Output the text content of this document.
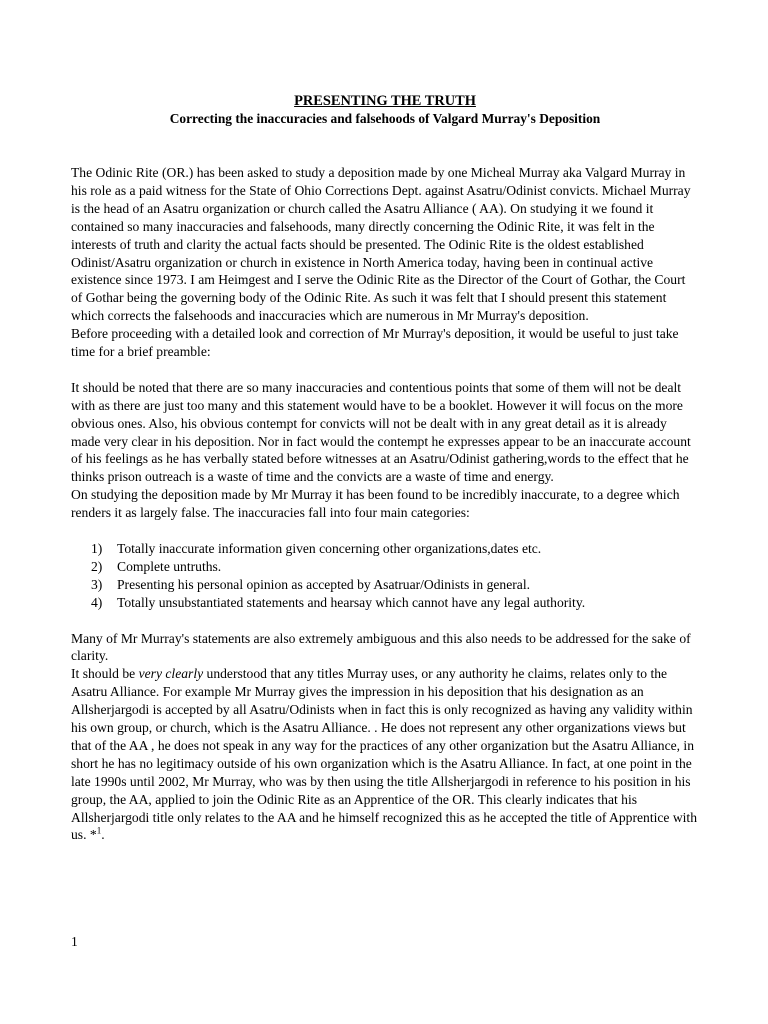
PRESENTING THE TRUTH
Correcting the inaccuracies and falsehoods of Valgard Murray's Deposition

The Odinic Rite (OR.) has been asked to study a deposition made by one Micheal Murray aka Valgard Murray in his role as a paid witness for the State of Ohio Corrections Dept. against Asatru/Odinist convicts. Michael Murray is the head of an Asatru organization or church called the Asatru Alliance ( AA). On studying it we found it contained so many inaccuracies and falsehoods, many directly concerning the Odinic Rite, it was felt in the interests of truth and clarity the actual facts should be presented. The Odinic Rite is the oldest established Odinist/Asatru organization or church in existence in North America today, having been in continual active existence since 1973. I am Heimgest and I serve the Odinic Rite as the Director of the Court of Gothar, the Court of Gothar being the governing body of the Odinic Rite. As such it was felt that I should present this statement which corrects the falsehoods and inaccuracies which are numerous in Mr Murray's deposition.

Before proceeding with a detailed look and correction of Mr Murray's deposition, it would be useful to just take time for a brief preamble:

It should be noted that there are so many inaccuracies and contentious points that some of them will not be dealt with as there are just too many and this statement would have to be a booklet. However it will focus on the more obvious ones. Also, his obvious contempt for convicts will not be dealt with in any great detail as it is already made very clear in his deposition. Nor in fact would the contempt he expresses appear to be an inaccurate account of his feelings as he has verbally stated before witnesses at an Asatru/Odinist gathering,words to the effect that he thinks prison outreach is a waste of time and the convicts are a waste of time and energy.

On studying the deposition made by Mr Murray it has been found to be incredibly inaccurate, to a degree which renders it as largely false. The inaccuracies fall into four main categories:

1) Totally inaccurate information given concerning other organizations,dates etc.
2) Complete untruths.
3) Presenting his personal opinion as accepted by Asatruar/Odinists in general.
4) Totally unsubstantiated statements and hearsay which cannot have any legal authority.

Many of Mr Murray's statements are also extremely ambiguous and this also needs to be addressed for the sake of clarity.

It should be very clearly understood that any titles Murray uses, or any authority he claims, relates only to the Asatru Alliance. For example Mr Murray gives the impression in his deposition that his designation as an Allsherjargodi is accepted by all Asatru/Odinists when in fact this is only recognized as having any validity within his own group, or church, which is the Asatru Alliance. . He does not represent any other organizations views but that of the AA , he does not speak in any way for the practices of any other organization but the Asatru Alliance, in short he has no legitimacy outside of his own organization which is the Asatru Alliance. In fact, at one point in the late 1990s until 2002, Mr Murray, who was by then using the title Allsherjargodi in reference to his position in his group, the AA, applied to join the Odinic Rite as an Apprentice of the OR. This clearly indicates that his Allsherjargodi title only relates to the AA and he himself recognized this as he accepted the title of Apprentice with us. *$^1$.

1
